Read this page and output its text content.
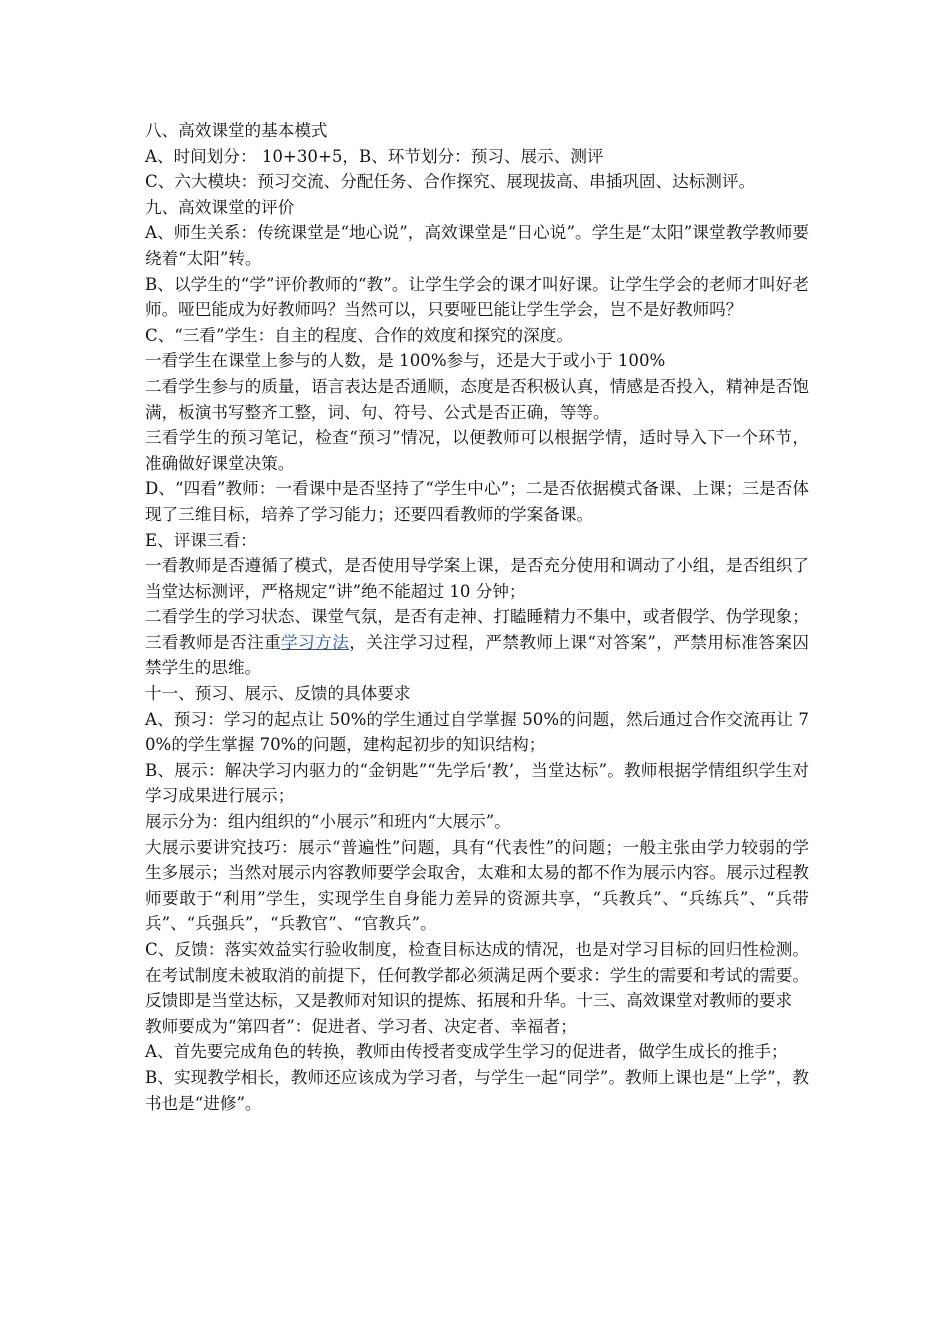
八、高效课堂的基本模式

A、时间划分： 10+30+5，B、环节划分：预习、展示、测评

C、六大模块：预习交流、分配任务、合作探究、展现拔高、串插巩固、达标测评。

九、高效课堂的评价

A、师生关系：传统课堂是“地心说”，高效课堂是“日心说”。学生是“太阳”课堂教学教师要绕着“太阳”转。

B、以学生的“学”评价教师的“教”。让学生学会的课才叫好课。让学生学会的老师才叫好老师。哑巴能成为好教师吗？当然可以，只要哑巴能让学生学会，岂不是好教师吗？

C、“三看”学生：自主的程度、合作的效度和探究的深度。

一看学生在课堂上参与的人数，是 100%参与，还是大于或小于 100%

二看学生参与的质量，语言表达是否通顺，态度是否积极认真，情感是否投入，精神是否饱满，板演书写整齐工整，词、句、符号、公式是否正确，等等。

三看学生的预习笔记，检查“预习”情况，以便教师可以根据学情，适时导入下一个环节，准确做好课堂决策。

D、“四看”教师：一看课中是否坚持了“学生中心”；二是否依据模式备课、上课；三是否体现了三维目标，培养了学习能力；还要四看教师的学案备课。

E、评课三看：

一看教师是否遵循了模式，是否使用导学案上课，是否充分使用和调动了小组，是否组织了当堂达标测评，严格规定“讲”绝不能超过 10 分钟；

二看学生的学习状态、课堂气氛，是否有走神、打瞌睡精力不集中，或者假学、伪学现象；

三看教师是否注重学习方法，关注学习过程，严禁教师上课“对答案”，严禁用标准答案囚禁学生的思维。

十一、预习、展示、反馈的具体要求

A、预习：学习的起点让 50%的学生通过自学掌握 50%的问题，然后通过合作交流再让 70%的学生掌握 70%的问题，建构起初步的知识结构；

B、展示：解决学习内驱力的“金钥匙”“先学后‘教’，当堂达标”。教师根据学情组织学生对学习成果进行展示；

展示分为：组内组织的“小展示”和班内“大展示”。

大展示要讲究技巧：展示“普遍性”问题，具有“代表性”的问题；一般主张由学力较弱的学生多展示；当然对展示内容教师要学会取舍，太难和太易的都不作为展示内容。展示过程教师要敢于“利用”学生，实现学生自身能力差异的资源共享，“兵教兵”、“兵练兵”、“兵带兵”、“兵强兵”，“兵教官”、“官教兵”。

C、反馈：落实效益实行验收制度，检查目标达成的情况，也是对学习目标的回归性检测。在考试制度未被取消的前提下，任何教学都必须满足两个要求：学生的需要和考试的需要。反馈即是当堂达标，又是教师对知识的提炼、拓展和升华。十三、高效课堂对教师的要求

教师要成为“第四者”：促进者、学习者、决定者、幸福者；

A、首先要完成角色的转换，教师由传授者变成学生学习的促进者，做学生成长的推手；

B、实现教学相长，教师还应该成为学习者，与学生一起“同学”。教师上课也是“上学”，教书也是“进修”。
